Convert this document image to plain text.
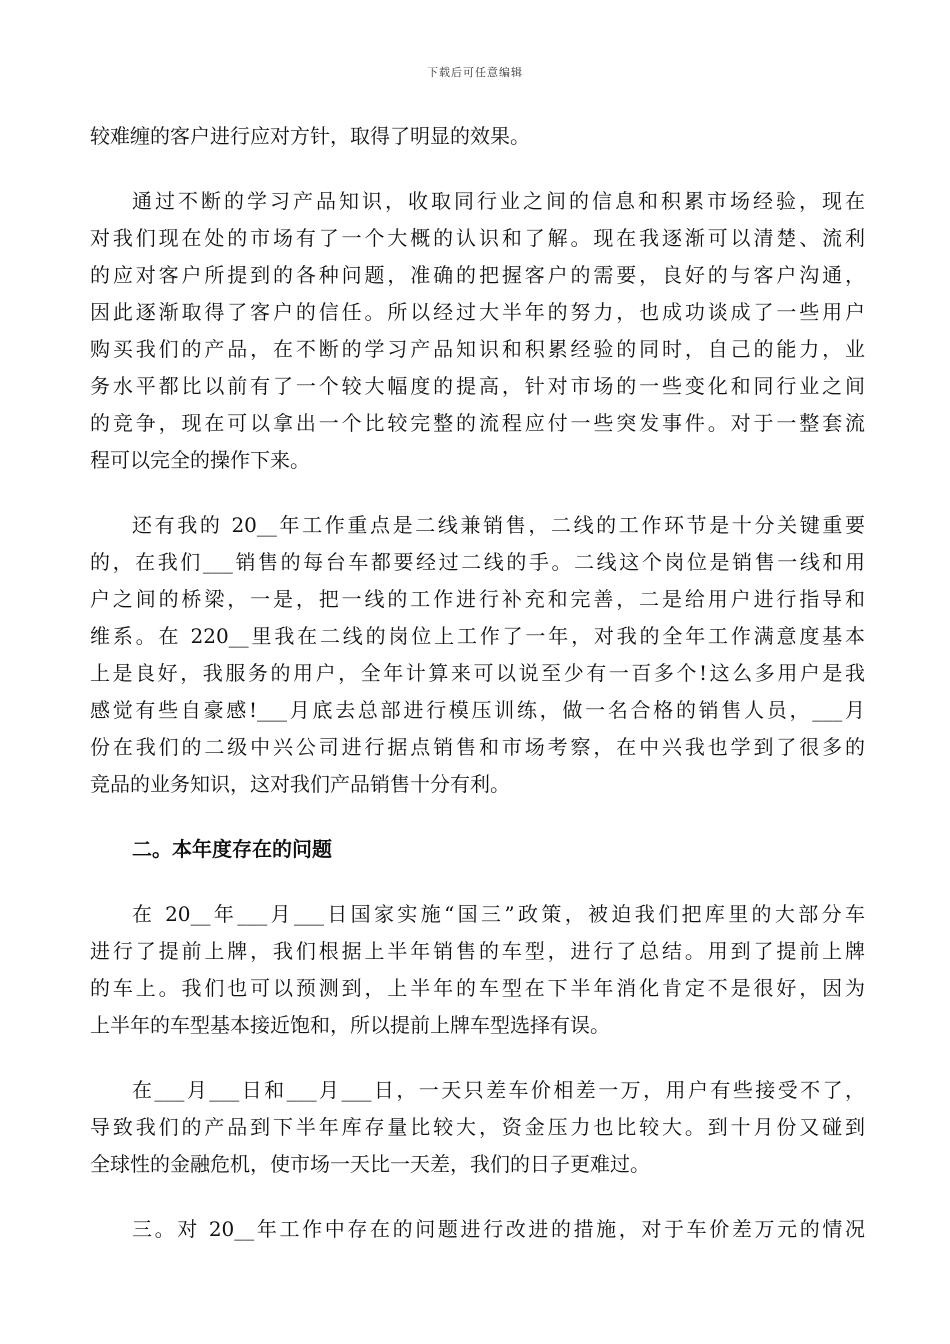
下载后可任意编辑
较难缠的客户进行应对方针，取得了明显的效果。
通过不断的学习产品知识，收取同行业之间的信息和积累市场经验，现在
对我们现在处的市场有了一个大概的认识和了解。现在我逐渐可以清楚、流利
的应对客户所提到的各种问题，准确的把握客户的需要，良好的与客户沟通，
因此逐渐取得了客户的信任。所以经过大半年的努力，也成功谈成了一些用户
购买我们的产品，在不断的学习产品知识和积累经验的同时，自己的能力，业
务水平都比以前有了一个较大幅度的提高，针对市场的一些变化和同行业之间
的竞争，现在可以拿出一个比较完整的流程应付一些突发事件。对于一整套流
程可以完全的操作下来。
还有我的 20__年工作重点是二线兼销售，二线的工作环节是十分关键重要
的，在我们___销售的每台车都要经过二线的手。二线这个岗位是销售一线和用
户之间的桥梁，一是，把一线的工作进行补充和完善，二是给用户进行指导和
维系。在 220__里我在二线的岗位上工作了一年，对我的全年工作满意度基本
上是良好，我服务的用户，全年计算来可以说至少有一百多个!这么多用户是我
感觉有些自豪感!___月底去总部进行模压训练，做一名合格的销售人员，___月
份在我们的二级中兴公司进行据点销售和市场考察，在中兴我也学到了很多的
竞品的业务知识，这对我们产品销售十分有利。
二。本年度存在的问题
在 20__年___月___日国家实施“国三”政策，被迫我们把库里的大部分车
进行了提前上牌，我们根据上半年销售的车型，进行了总结。用到了提前上牌
的车上。我们也可以预测到，上半年的车型在下半年消化肯定不是很好，因为
上半年的车型基本接近饱和，所以提前上牌车型选择有误。
在___月___日和___月___日，一天只差车价相差一万，用户有些接受不了，
导致我们的产品到下半年库存量比较大，资金压力也比较大。到十月份又碰到
全球性的金融危机，使市场一天比一天差，我们的日子更难过。
三。对 20__年工作中存在的问题进行改进的措施，对于车价差万元的情况
